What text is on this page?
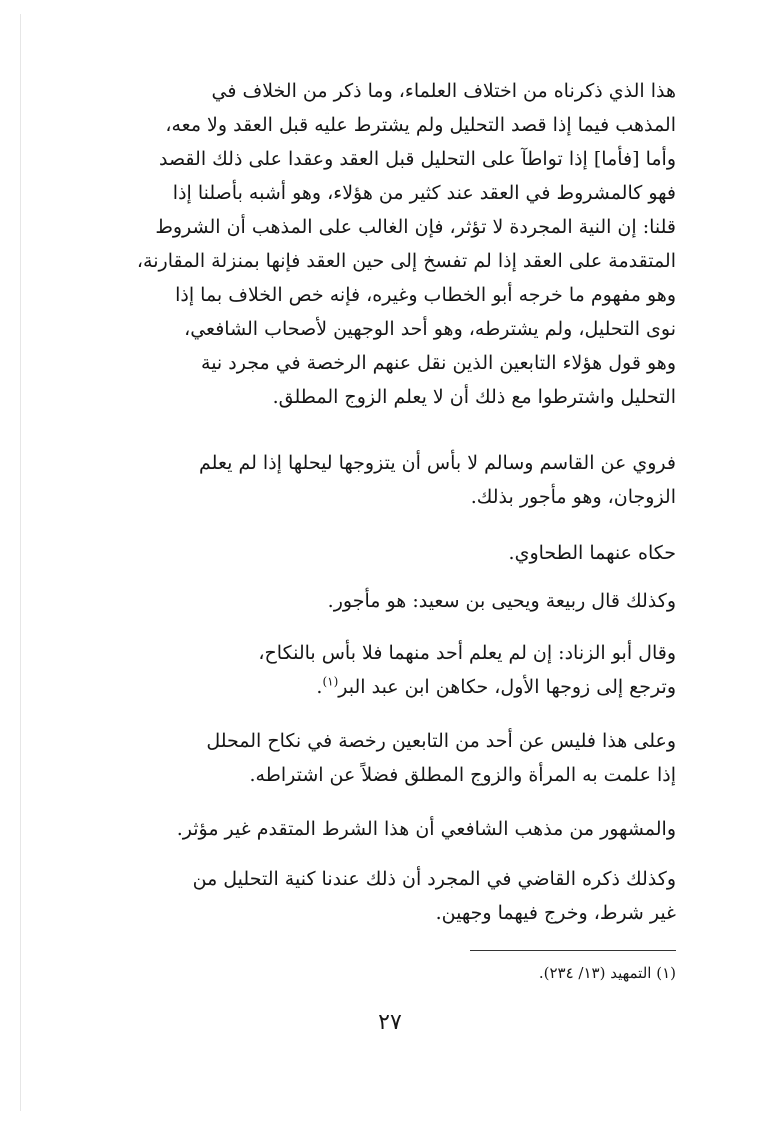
هذا الذي ذكرناه من اختلاف العلماء، وما ذكر من الخلاف في
المذهب فيما إذا قصد التحليل ولم يشترط عليه قبل العقد ولا معه،
وأما [فأما] إذا تواطآ على التحليل قبل العقد وعقدا على ذلك القصد
فهو كالمشروط في العقد عند كثير من هؤلاء، وهو أشبه بأصلنا إذا
قلنا: إن النية المجردة لا تؤثر، فإن الغالب على المذهب أن الشروط
المتقدمة على العقد إذا لم تفسخ إلى حين العقد فإنها بمنزلة المقارنة،
وهو مفهوم ما خرجه أبو الخطاب وغيره، فإنه خص الخلاف بما إذا
نوى التحليل، ولم يشترطه، وهو أحد الوجهين لأصحاب الشافعي،
وهو قول هؤلاء التابعين الذين نقل عنهم الرخصة في مجرد نية
التحليل واشترطوا مع ذلك أن لا يعلم الزوج المطلق.

فروي عن القاسم وسالم لا بأس أن يتزوجها ليحلها إذا لم يعلم
الزوجان، وهو مأجور بذلك.

حكاه عنهما الطحاوي.

وكذلك قال ربيعة ويحيى بن سعيد: هو مأجور.

وقال أبو الزناد: إن لم يعلم أحد منهما فلا بأس بالنكاح،
وترجع إلى زوجها الأول، حكاهن ابن عبد البر$^{(١)}$.

وعلى هذا فليس عن أحد من التابعين رخصة في نكاح المحلل
إذا علمت به المرأة والزوج المطلق فضلاً عن اشتراطه.

والمشهور من مذهب الشافعي أن هذا الشرط المتقدم غير مؤثر.

وكذلك ذكره القاضي في المجرد أن ذلك عندنا كنية التحليل من
غير شرط، وخرج فيهما وجهين.

(١) التمهيد (١٣/ ٢٣٤).

٢٧
